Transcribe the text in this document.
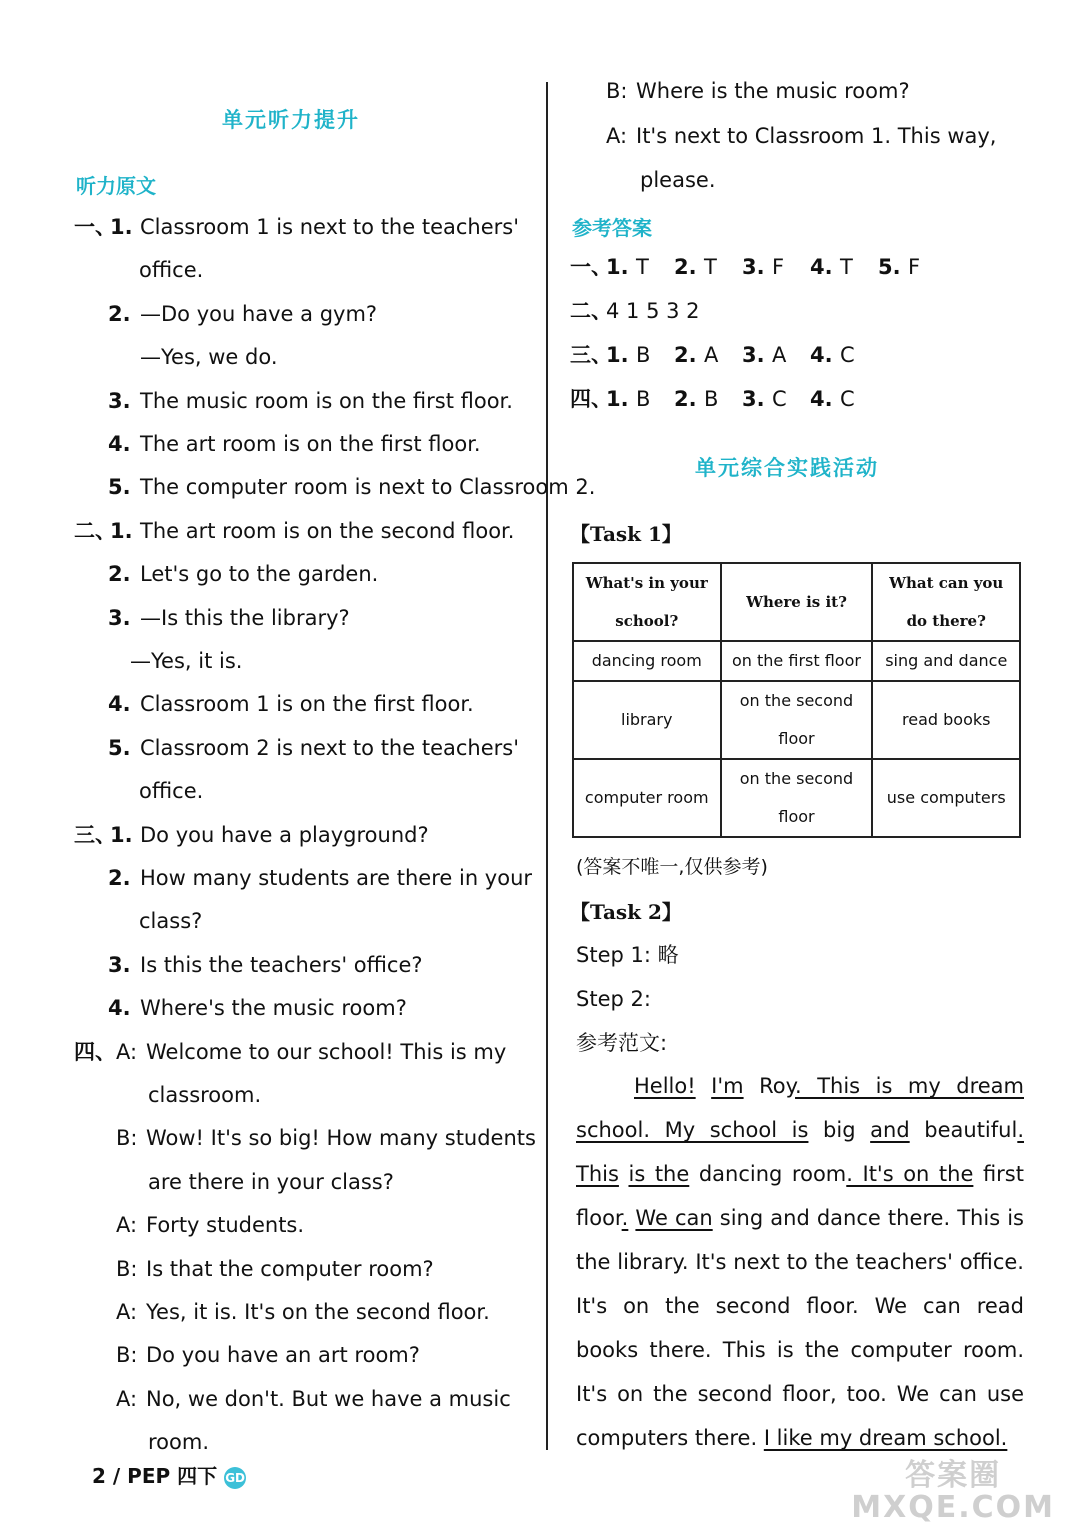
单元听力提升
听力原文
一、
1. Classroom 1 is next to the teachers'
office.
2. —Do you have a gym?
—Yes, we do.
3. The music room is on the first floor.
4. The art room is on the first floor.
5. The computer room is next to Classroom 2.
二、
1. The art room is on the second floor.
2. Let's go to the garden.
3. —Is this the library?
—Yes, it is.
4. Classroom 1 is on the first floor.
5. Classroom 2 is next to the teachers'
office.
三、
1. Do you have a playground?
2. How many students are there in your
class?
3. Is this the teachers' office?
4. Where's the music room?
四、 A: Welcome to our school! This is my
classroom.
B: Wow! It's so big! How many students
are there in your class?
A: Forty students.
B: Is that the computer room?
A: Yes, it is. It's on the second floor.
B: Do you have an art room?
A: No, we don't. But we have a music
room.
B: Where is the music room?
A: It's next to Classroom 1. This way,
please.
参考答案
一、
1. T 2. T 3. F 4. T 5. F
二、
4 1 5 3 2
三、
1. B 2. A 3. A 4. C
四、
1. B 2. B 3. C 4. C
单元综合实践活动
【Task 1】
What's in your
school?	Where is it?	What can you
do there?
dancing room	on the first floor	sing and dance
library	on the second
floor	read books
computer room	on the second
floor	use computers
(答案不唯一,仅供参考)
【Task 2】
Step 1: 略
Step 2:
参考范文:
Hello! I'm Roy. This is my dream school. My school is big and beautiful. This is the dancing room. It's on the first floor. We can sing and dance there. This is the library. It's next to the teachers' office. It's on the second floor. We can read books there. This is the computer room. It's on the second floor, too. We can use computers there. I like my dream school.
2 / PEP 四下 GD	答案圈
MXQE.COM
